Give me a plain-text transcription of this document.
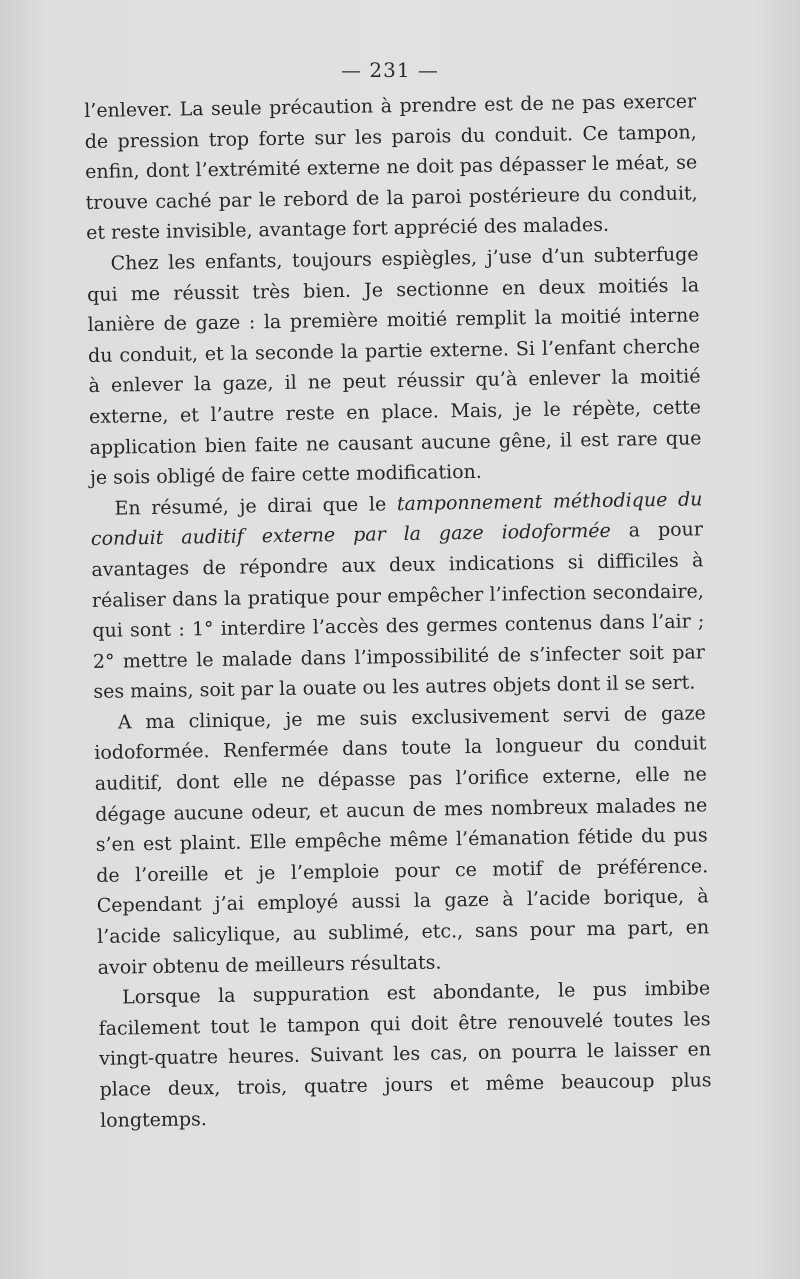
— 231 —

l’enlever. La seule précaution à prendre est de ne pas exercer de pression trop forte sur les parois du conduit. Ce tampon, enfin, dont l’extrémité externe ne doit pas dépasser le méat, se trouve caché par le rebord de la paroi postérieure du conduit, et reste invisible, avantage fort apprécié des malades.

Chez les enfants, toujours espiègles, j’use d’un subterfuge qui me réussit très bien. Je sectionne en deux moitiés la lanière de gaze : la première moitié remplit la moitié interne du conduit, et la seconde la partie externe. Si l’enfant cherche à enlever la gaze, il ne peut réussir qu’à enlever la moitié externe, et l’autre reste en place. Mais, je le répète, cette application bien faite ne causant aucune gêne, il est rare que je sois obligé de faire cette modification.

En résumé, je dirai que le tamponnement méthodique du conduit auditif externe par la gaze iodoformée a pour avantages de répondre aux deux indications si difficiles à réaliser dans la pratique pour empêcher l’infection secondaire, qui sont : 1° interdire l’accès des germes contenus dans l’air ; 2° mettre le malade dans l’impossibilité de s’infecter soit par ses mains, soit par la ouate ou les autres objets dont il se sert.

A ma clinique, je me suis exclusivement servi de gaze iodoformée. Renfermée dans toute la longueur du conduit auditif, dont elle ne dépasse pas l’orifice externe, elle ne dégage aucune odeur, et aucun de mes nombreux malades ne s’en est plaint. Elle empêche même l’émanation fétide du pus de l’oreille et je l’emploie pour ce motif de préférence. Cependant j’ai employé aussi la gaze à l’acide borique, à l’acide salicylique, au sublimé, etc., sans pour ma part, en avoir obtenu de meilleurs résultats.

Lorsque la suppuration est abondante, le pus imbibe facilement tout le tampon qui doit être renouvelé toutes les vingt-quatre heures. Suivant les cas, on pourra le laisser en place deux, trois, quatre jours et même beaucoup plus longtemps.
